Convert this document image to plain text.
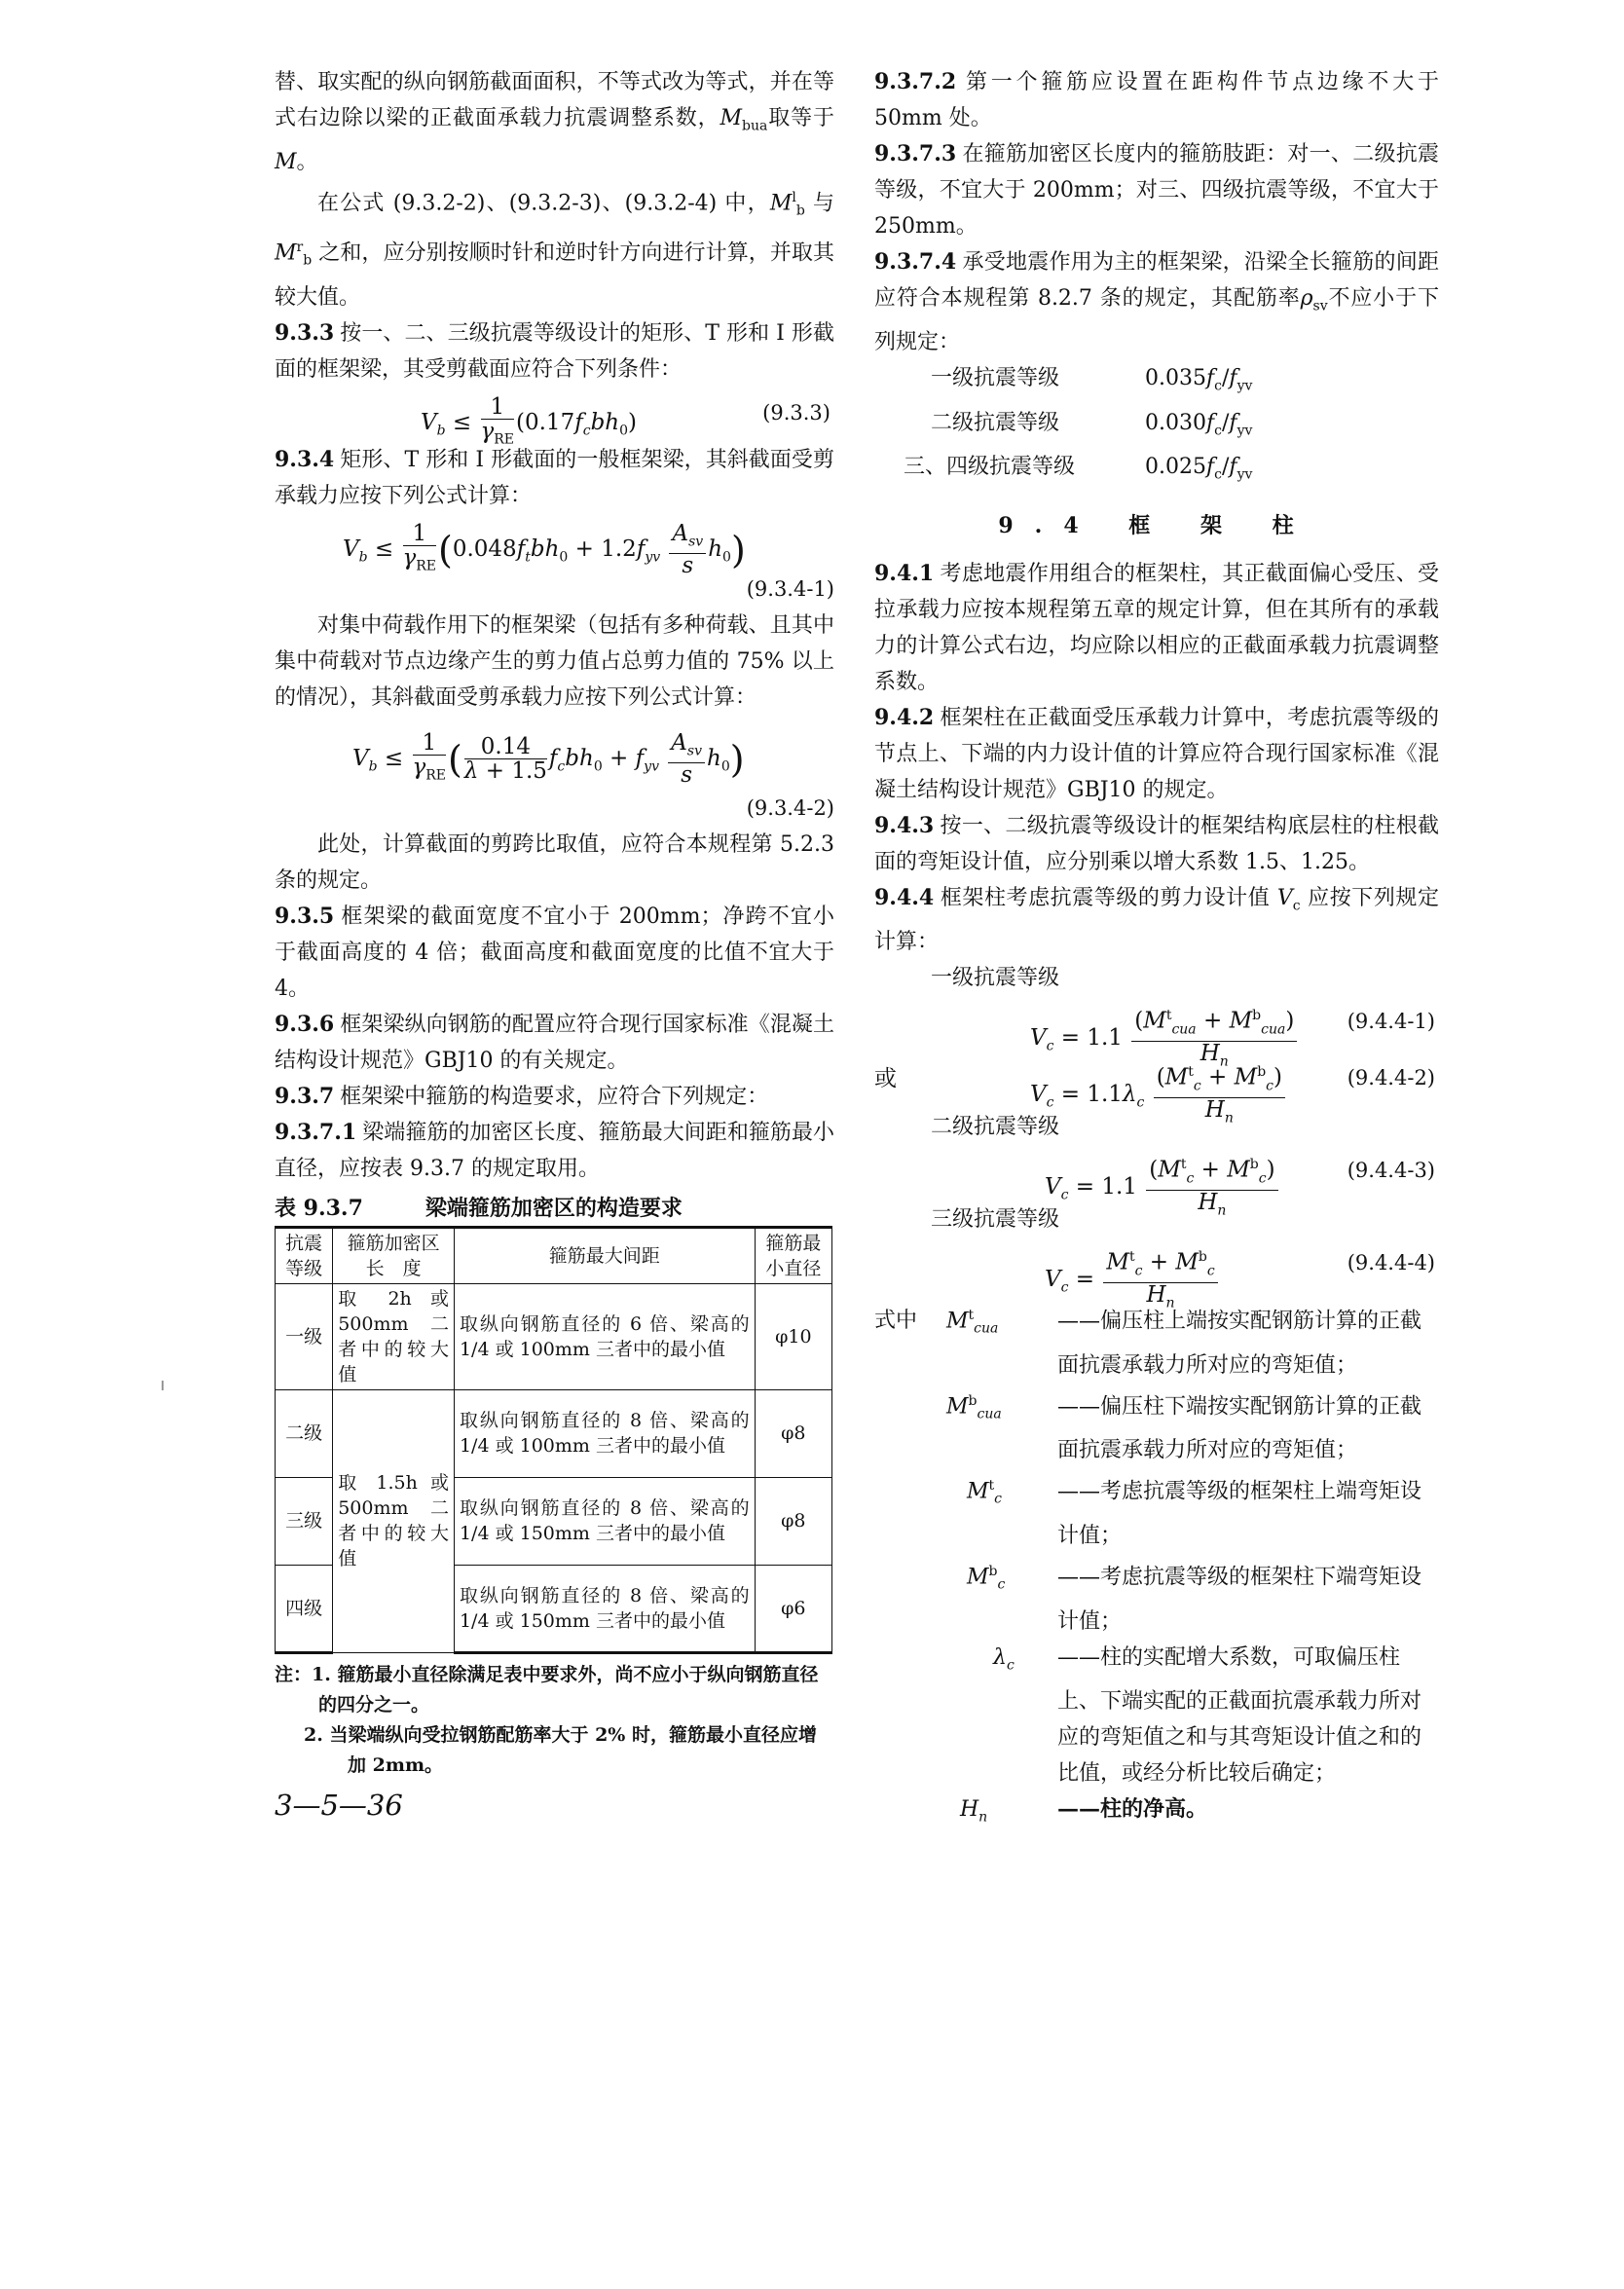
替、取实配的纵向钢筋截面面积，不等式改为等式，并在等式右边除以梁的正截面承载力抗震调整系数，$M_{bua}$取等于 M。

在公式 (9.3.2-2)、(9.3.2-3)、(9.3.2-4) 中，$M^l_b$ 与 $M^r_b$ 之和，应分别按顺时针和逆时针方向进行计算，并取其较大值。

9.3.3 按一、二、三级抗震等级设计的矩形、T 形和 I 形截面的框架梁，其受剪截面应符合下列条件：

$V_b \le \frac{1}{\gamma_{RE}} (0.17f_cbh_0)$	(9.3.3)

9.3.4 矩形、T 形和 I 形截面的一般框架梁，其斜截面受剪承载力应按下列公式计算：

$V_b \le \frac{1}{\gamma_{RE}} (0.048f_tbh_0 + 1.2f_{yv} \frac{A_{sv}}{s} h_0)$
(9.3.4-1)

对集中荷载作用下的框架梁（包括有多种荷载、且其中集中荷载对节点边缘产生的剪力值占总剪力值的 75% 以上的情况），其斜截面受剪承载力应按下列公式计算：

$V_b \le \frac{1}{\gamma_{RE}}$ ( $\frac{0.14}{\lambda + 1.5} f_cbh_0 + f_{yv} \frac{A_{sv}}{s} h_0$)
(9.3.4-2)

此处，计算截面的剪跨比取值，应符合本规程第 5.2.3 条的规定。

9.3.5 框架梁的截面宽度不宜小于 200mm；净跨不宜小于截面高度的 4 倍；截面高度和截面宽度的比值不宜大于 4。

9.3.6 框架梁纵向钢筋的配置应符合现行国家标准《混凝土结构设计规范》GBJ10 的有关规定。

9.3.7 框架梁中箍筋的构造要求，应符合下列规定：

9.3.7.1 梁端箍筋的加密区长度、箍筋最大间距和箍筋最小直径，应按表 9.3.7 的规定取用。

表 9.3.7	梁端箍筋加密区的构造要求
抗震等级	箍筋加密区长　度	箍筋最大间距	箍筋最小直径
一级	取 2h 或 500mm 二者中的较大值	取纵向钢筋直径的 6 倍、梁高的 1/4 或 100mm 三者中的最小值	φ10
二级	取 1.5h 或 500mm 二者中的较大值	取纵向钢筋直径的 8 倍、梁高的 1/4 或 100mm 三者中的最小值	φ8
三级		取纵向钢筋直径的 8 倍、梁高的 1/4 或 150mm 三者中的最小值	φ8
四级		取纵向钢筋直径的 8 倍、梁高的 1/4 或 150mm 三者中的最小值	φ6
注：1. 箍筋最小直径除满足表中要求外，尚不应小于纵向钢筋直径的四分之一。
2. 当梁端纵向受拉钢筋配筋率大于 2% 时，箍筋最小直径应增加 2mm。
3—5—36

9.3.7.2 第一个箍筋应设置在距构件节点边缘不大于 50mm 处。

9.3.7.3 在箍筋加密区长度内的箍筋肢距：对一、二级抗震等级，不宜大于 200mm；对三、四级抗震等级，不宜大于 250mm。

9.3.7.4 承受地震作用为主的框架梁，沿梁全长箍筋的间距应符合本规程第 8.2.7 条的规定，其配筋率$\rho_{sv}$不应小于下列规定：

一级抗震等级	$0.035f_c/f_{yv}$
二级抗震等级	$0.030f_c/f_{yv}$
三、四级抗震等级	$0.025f_c/f_{yv}$
9.4 框 架 柱

9.4.1 考虑地震作用组合的框架柱，其正截面偏心受压、受拉承载力应按本规程第五章的规定计算，但在其所有的承载力的计算公式右边，均应除以相应的正截面承载力抗震调整系数。

9.4.2 框架柱在正截面受压承载力计算中，考虑抗震等级的节点上、下端的内力设计值的计算应符合现行国家标准《混凝土结构设计规范》GBJ10 的规定。

9.4.3 按一、二级抗震等级设计的框架结构底层柱的柱根截面的弯矩设计值，应分别乘以增大系数 1.5、1.25。

9.4.4 框架柱考虑抗震等级的剪力设计值 $V_c$ 应按下列规定计算：

一级抗震等级
$V_c = 1.1 \frac{(M^t_{cua} + M^b_{cua})}{H_n} (9.4.4-1)$
或
$V_c = 1.1\lambda_c \frac{(M^t_c + M^b_c)}{H_n}$	(9.4.4-2)
二级抗震等级
$V_c = 1.1 \frac{(M^t_c + M^b_c)}{H_n}$	(9.4.4-3)
三级抗震等级
$V_c = \frac{M^t_c + M^b_c}{H_n}$	(9.4.4-4)
式中 $M^t_{cua}$	——偏压柱上端按实配钢筋计算的正截面抗震承载力所对应的弯矩值；
$M^b_{cua}$	——偏压柱下端按实配钢筋计算的正截面抗震承载力所对应的弯矩值；
$M^t_c$	——考虑抗震等级的框架柱上端弯矩设计值；
$M^b_c$ ——考虑抗震等级的框架柱下端弯矩设计值；
$\lambda_c$ ——柱的实配增大系数，可取偏压柱上、下端实配的正截面抗震承载力所对应的弯矩值之和与其弯矩设计值之和的比值，或经分析比较后确定；
$H_n$	——柱的净高。
